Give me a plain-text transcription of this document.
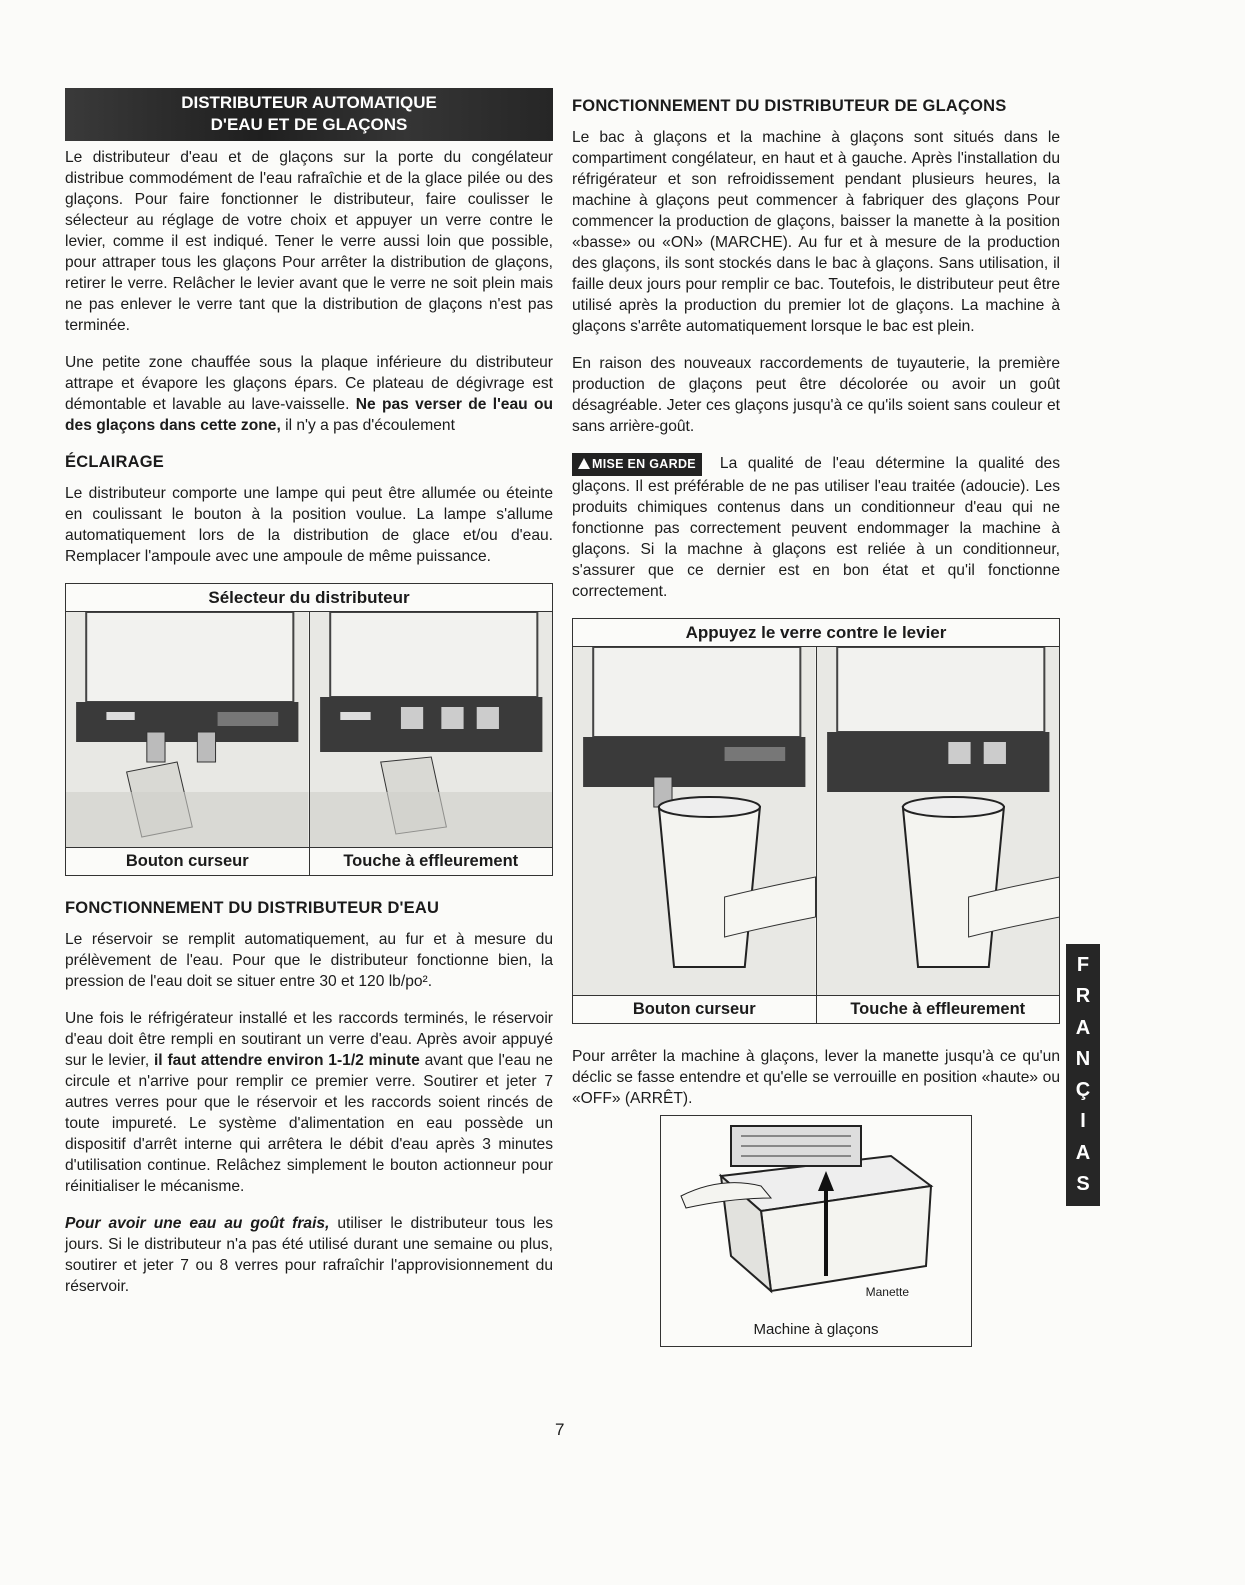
DISTRIBUTEUR AUTOMATIQUE
D'EAU ET DE GLAÇONS

Le distributeur d'eau et de glaçons sur la porte du congélateur distribue commodément de l'eau rafraîchie et de la glace pilée ou des glaçons. Pour faire fonctionner le distributeur, faire coulisser le sélecteur au réglage de votre choix et appuyer un verre contre le levier, comme il est indiqué. Tener le verre aussi loin que possible, pour attraper tous les glaçons Pour arrêter la distribution de glaçons, retirer le verre. Relâcher le levier avant que le verre ne soit plein mais ne pas enlever le verre tant que la distribution de glaçons n'est pas terminée.

Une petite zone chauffée sous la plaque inférieure du distributeur attrape et évapore les glaçons épars. Ce plateau de dégivrage est démontable et lavable au lave-vaisselle. Ne pas verser de l'eau ou des glaçons dans cette zone, il n'y a pas d'écoulement

ÉCLAIRAGE

Le distributeur comporte une lampe qui peut être allumée ou éteinte en coulissant le bouton à la position voulue. La lampe s'allume automatiquement lors de la distribution de glace et/ou d'eau. Remplacer l'ampoule avec une ampoule de même puissance.

Sélecteur du distributeur
Bouton curseur	Touche à effleurement
FONCTIONNEMENT DU DISTRIBUTEUR D'EAU

Le réservoir se remplit automatiquement, au fur et à mesure du prélèvement de l'eau. Pour que le distributeur fonctionne bien, la pression de l'eau doit se situer entre 30 et 120 lb/po².

Une fois le réfrigérateur installé et les raccords terminés, le réservoir d'eau doit être rempli en soutirant un verre d'eau. Après avoir appuyé sur le levier, il faut attendre environ 1-1/2 minute avant que l'eau ne circule et n'arrive pour remplir ce premier verre. Soutirer et jeter 7 autres verres pour que le réservoir et les raccords soient rincés de toute impureté. Le système d'alimentation en eau possède un dispositif d'arrêt interne qui arrêtera le débit d'eau après 3 minutes d'utilisation continue. Relâchez simplement le bouton actionneur pour réinitialiser le mécanisme.

Pour avoir une eau au goût frais, utiliser le distributeur tous les jours. Si le distributeur n'a pas été utilisé durant une semaine ou plus, soutirer et jeter 7 ou 8 verres pour rafraîchir l'approvisionnement du réservoir.

FONCTIONNEMENT DU DISTRIBUTEUR DE GLAÇONS

Le bac à glaçons et la machine à glaçons sont situés dans le compartiment congélateur, en haut et à gauche. Après l'installation du réfrigérateur et son refroidissement pendant plusieurs heures, la machine à glaçons peut commencer à fabriquer des glaçons Pour commencer la production de glaçons, baisser la manette à la position «basse» ou «ON» (MARCHE). Au fur et à mesure de la production des glaçons, ils sont stockés dans le bac à glaçons. Sans utilisation, il faille deux jours pour remplir ce bac. Toutefois, le distributeur peut être utilisé après la production du premier lot de glaçons. La machine à glaçons s'arrête automatiquement lorsque le bac est plein.

En raison des nouveaux raccordements de tuyauterie, la première production de glaçons peut être décolorée ou avoir un goût désagréable. Jeter ces glaçons jusqu'à ce qu'ils soient sans couleur et sans arrière-goût.

MISE EN GARDE La qualité de l'eau détermine la qualité des glaçons. Il est préférable de ne pas utiliser l'eau traitée (adoucie). Les produits chimiques contenus dans un conditionneur d'eau qui ne fonctionne pas correctement peuvent endommager la machine à glaçons. Si la machne à glaçons est reliée à un conditionneur, s'assurer que ce dernier est en bon état et qu'il fonctionne correctement.

Appuyez le verre contre le levier
Bouton curseur	Touche à effleurement

Pour arrêter la machine à glaçons, lever la manette jusqu'à ce qu'un déclic se fasse entendre et qu'elle se verrouille en position «haute» ou «OFF» (ARRÊT).

Manette
Machine à glaçons
7
F
R
A
N
Ç
I
A
S
